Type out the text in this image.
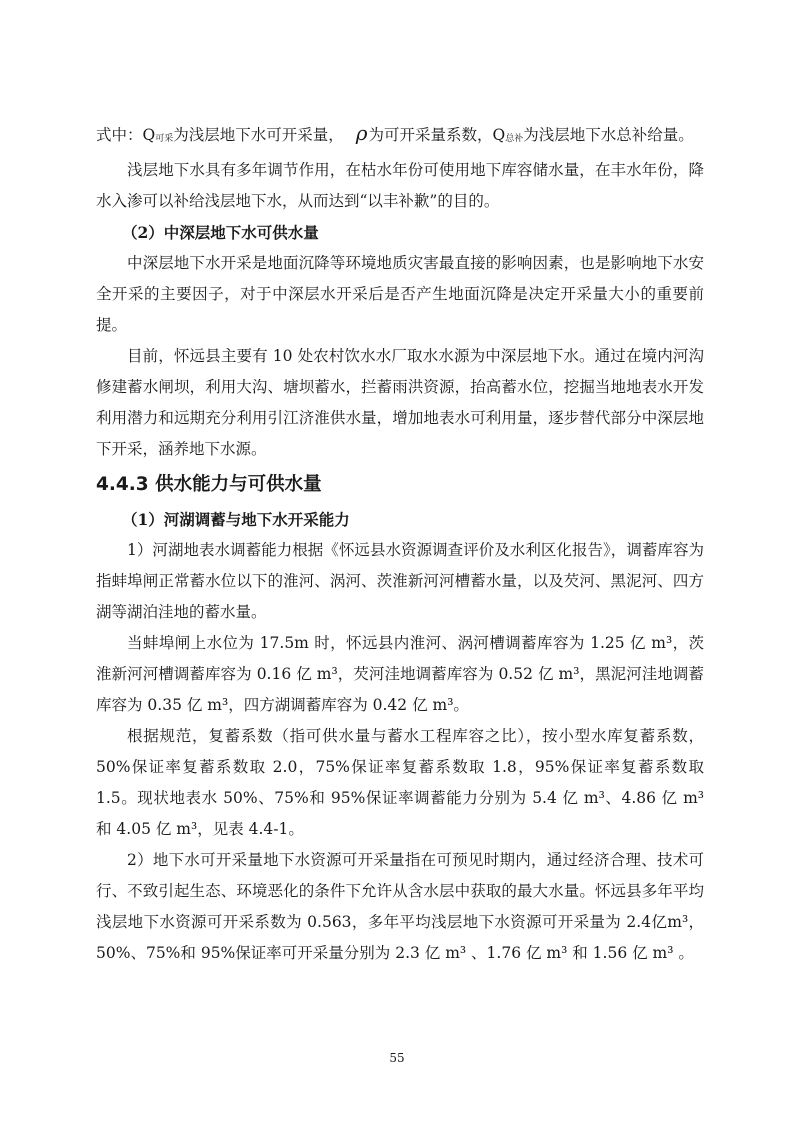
式中：Q可采为浅层地下水可开采量， ρ为可开采量系数，Q总补为浅层地下水总补给量。

浅层地下水具有多年调节作用，在枯水年份可使用地下库容储水量，在丰水年份，降水入渗可以补给浅层地下水，从而达到“以丰补歉”的目的。

（2）中深层地下水可供水量

中深层地下水开采是地面沉降等环境地质灾害最直接的影响因素，也是影响地下水安全开采的主要因子，对于中深层水开采后是否产生地面沉降是决定开采量大小的重要前提。

目前，怀远县主要有 10 处农村饮水水厂取水水源为中深层地下水。通过在境内河沟修建蓄水闸坝，利用大沟、塘坝蓄水，拦蓄雨洪资源，抬高蓄水位，挖掘当地地表水开发利用潜力和远期充分利用引江济淮供水量，增加地表水可利用量，逐步替代部分中深层地下开采，涵养地下水源。

4.4.3 供水能力与可供水量
（1）河湖调蓄与地下水开采能力

1）河湖地表水调蓄能力根据《怀远县水资源调查评价及水利区化报告》，调蓄库容为指蚌埠闸正常蓄水位以下的淮河、涡河、茨淮新河河槽蓄水量，以及芡河、黑泥河、四方湖等湖泊洼地的蓄水量。

当蚌埠闸上水位为 17.5m 时，怀远县内淮河、涡河槽调蓄库容为 1.25 亿 m³，茨淮新河河槽调蓄库容为 0.16 亿 m³，芡河洼地调蓄库容为 0.52 亿 m³，黑泥河洼地调蓄库容为 0.35 亿 m³，四方湖调蓄库容为 0.42 亿 m³。

根据规范，复蓄系数（指可供水量与蓄水工程库容之比），按小型水库复蓄系数，50%保证率复蓄系数取 2.0，75%保证率复蓄系数取 1.8，95%保证率复蓄系数取 1.5。现状地表水 50%、75%和 95%保证率调蓄能力分别为 5.4 亿 m³、4.86 亿 m³ 和 4.05 亿 m³，见表 4.4-1。

2）地下水可开采量地下水资源可开采量指在可预见时期内，通过经济合理、技术可行、不致引起生态、环境恶化的条件下允许从含水层中获取的最大水量。怀远县多年平均浅层地下水资源可开采系数为 0.563，多年平均浅层地下水资源可开采量为 2.4亿m³，50%、75%和 95%保证率可开采量分别为 2.3 亿 m³ 、1.76 亿 m³ 和 1.56 亿 m³ 。

55
